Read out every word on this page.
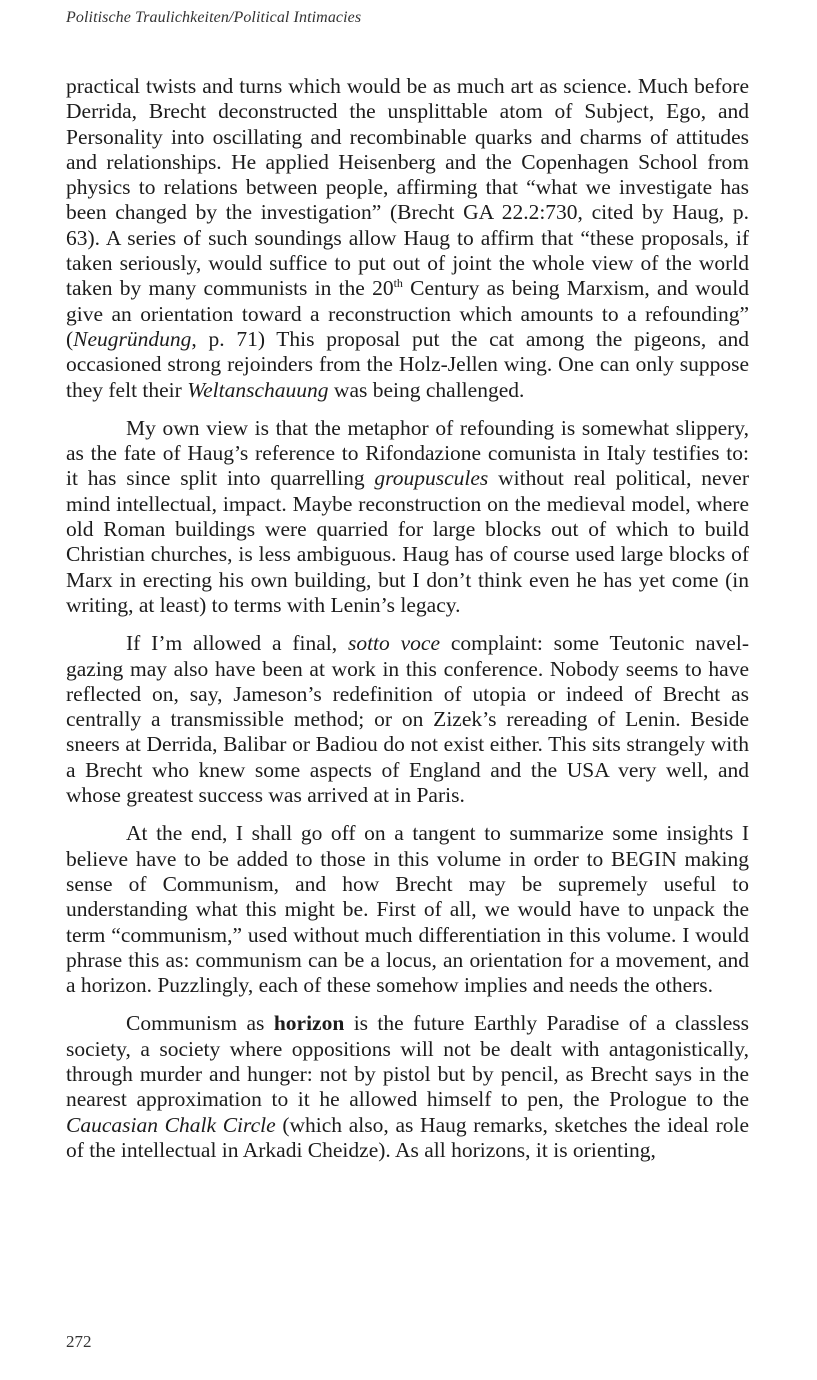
Politische Traulichkeiten/Political Intimacies

practical twists and turns which would be as much art as science. Much before Derrida, Brecht deconstructed the unsplittable atom of Subject, Ego, and Personality into oscillating and recombinable quarks and charms of attitudes and relationships. He applied Heisenberg and the Copenhagen School from physics to relations between people, affirming that “what we investigate has been changed by the investigation” (Brecht GA 22.2:730, cited by Haug, p. 63). A series of such soundings allow Haug to affirm that “these proposals, if taken seriously, would suffice to put out of joint the whole view of the world taken by many communists in the 20th Century as being Marxism, and would give an orientation toward a reconstruction which amounts to a refounding” (Neugründung, p. 71) This proposal put the cat among the pigeons, and occasioned strong rejoinders from the Holz-Jellen wing. One can only suppose they felt their Weltanschauung was being challenged.

My own view is that the metaphor of refounding is somewhat slippery, as the fate of Haug’s reference to Rifondazione comunista in Italy testifies to: it has since split into quarrelling groupuscules without real political, never mind intellectual, impact. Maybe reconstruction on the medieval model, where old Roman buildings were quarried for large blocks out of which to build Christian churches, is less ambiguous. Haug has of course used large blocks of Marx in erecting his own building, but I don’t think even he has yet come (in writing, at least) to terms with Lenin’s legacy.

If I’m allowed a final, sotto voce complaint: some Teutonic navel-gazing may also have been at work in this conference. Nobody seems to have reflected on, say, Jameson’s redefinition of utopia or indeed of Brecht as centrally a transmissible method; or on Zizek’s rereading of Lenin. Beside sneers at Derrida, Balibar or Badiou do not exist either. This sits strangely with a Brecht who knew some aspects of England and the USA very well, and whose greatest success was arrived at in Paris.

At the end, I shall go off on a tangent to summarize some insights I believe have to be added to those in this volume in order to BEGIN making sense of Communism, and how Brecht may be supremely useful to understanding what this might be. First of all, we would have to unpack the term “communism,” used without much differentiation in this volume. I would phrase this as: communism can be a locus, an orientation for a movement, and a horizon. Puzzlingly, each of these somehow implies and needs the others.

Communism as horizon is the future Earthly Paradise of a classless society, a society where oppositions will not be dealt with antagonistically, through murder and hunger: not by pistol but by pencil, as Brecht says in the nearest approximation to it he allowed himself to pen, the Prologue to the Caucasian Chalk Circle (which also, as Haug remarks, sketches the ideal role of the intellectual in Arkadi Cheidze). As all horizons, it is orienting,

272
